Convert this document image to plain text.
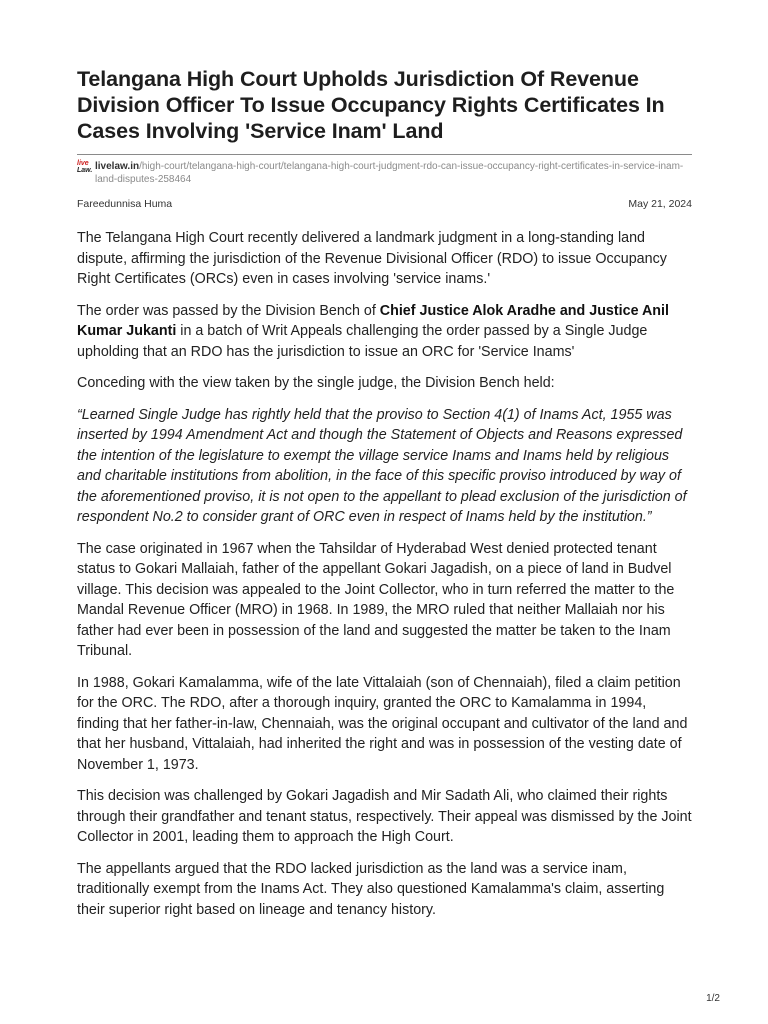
Telangana High Court Upholds Jurisdiction Of Revenue Division Officer To Issue Occupancy Rights Certificates In Cases Involving 'Service Inam' Land
live
Law. livelaw.in/high-court/telangana-high-court/telangana-high-court-judgment-rdo-can-issue-occupancy-right-certificates-in-service-inam-land-disputes-258464
Fareedunnisa Huma	May 21, 2024

The Telangana High Court recently delivered a landmark judgment in a long-standing land dispute, affirming the jurisdiction of the Revenue Divisional Officer (RDO) to issue Occupancy Right Certificates (ORCs) even in cases involving 'service inams.'

The order was passed by the Division Bench of Chief Justice Alok Aradhe and Justice Anil Kumar Jukanti in a batch of Writ Appeals challenging the order passed by a Single Judge upholding that an RDO has the jurisdiction to issue an ORC for 'Service Inams'

Conceding with the view taken by the single judge, the Division Bench held:

“Learned Single Judge has rightly held that the proviso to Section 4(1) of Inams Act, 1955 was inserted by 1994 Amendment Act and though the Statement of Objects and Reasons expressed the intention of the legislature to exempt the village service Inams and Inams held by religious and charitable institutions from abolition, in the face of this specific proviso introduced by way of the aforementioned proviso, it is not open to the appellant to plead exclusion of the jurisdiction of respondent No.2 to consider grant of ORC even in respect of Inams held by the institution.”

The case originated in 1967 when the Tahsildar of Hyderabad West denied protected tenant status to Gokari Mallaiah, father of the appellant Gokari Jagadish, on a piece of land in Budvel village. This decision was appealed to the Joint Collector, who in turn referred the matter to the Mandal Revenue Officer (MRO) in 1968. In 1989, the MRO ruled that neither Mallaiah nor his father had ever been in possession of the land and suggested the matter be taken to the Inam Tribunal.

In 1988, Gokari Kamalamma, wife of the late Vittalaiah (son of Chennaiah), filed a claim petition for the ORC. The RDO, after a thorough inquiry, granted the ORC to Kamalamma in 1994, finding that her father-in-law, Chennaiah, was the original occupant and cultivator of the land and that her husband, Vittalaiah, had inherited the right and was in possession of the vesting date of November 1, 1973.

This decision was challenged by Gokari Jagadish and Mir Sadath Ali, who claimed their rights through their grandfather and tenant status, respectively. Their appeal was dismissed by the Joint Collector in 2001, leading them to approach the High Court.

The appellants argued that the RDO lacked jurisdiction as the land was a service inam, traditionally exempt from the Inams Act. They also questioned Kamalamma's claim, asserting their superior right based on lineage and tenancy history.

1/2
